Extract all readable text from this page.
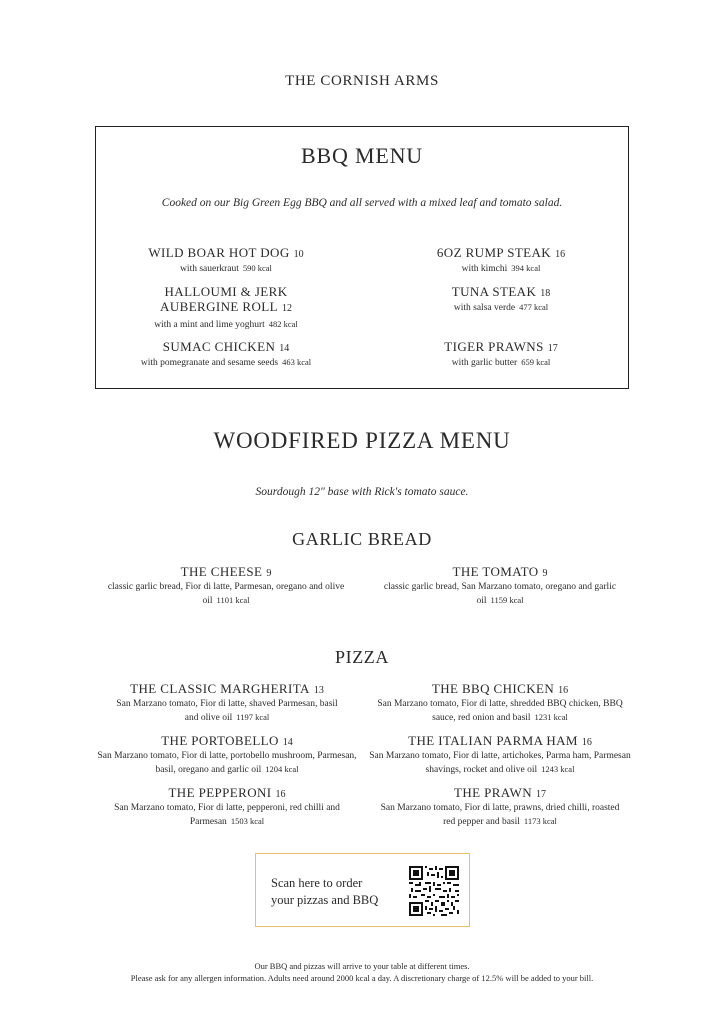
THE CORNISH ARMS
BBQ MENU
Cooked on our Big Green Egg BBQ and all served with a mixed leaf and tomato salad.
WILD BOAR HOT DOG 10
with sauerkraut 590 kcal
HALLOUMI & JERK AUBERGINE ROLL 12
with a mint and lime yoghurt 482 kcal
SUMAC CHICKEN 14
with pomegranate and sesame seeds 463 kcal
6OZ RUMP STEAK 16
with kimchi 394 kcal
TUNA STEAK 18
with salsa verde 477 kcal
TIGER PRAWNS 17
with garlic butter 659 kcal
WOODFIRED PIZZA MENU
Sourdough 12" base with Rick's tomato sauce.
GARLIC BREAD
THE CHEESE 9
classic garlic bread, Fior di latte, Parmesan, oregano and olive oil 1101 kcal
THE TOMATO 9
classic garlic bread, San Marzano tomato, oregano and garlic oil 1159 kcal
PIZZA
THE CLASSIC MARGHERITA 13
San Marzano tomato, Fior di latte, shaved Parmesan, basil and olive oil 1197 kcal
THE PORTOBELLO 14
San Marzano tomato, Fior di latte, portobello mushroom, Parmesan, basil, oregano and garlic oil 1204 kcal
THE PEPPERONI 16
San Marzano tomato, Fior di latte, pepperoni, red chilli and Parmesan 1503 kcal
THE BBQ CHICKEN 16
San Marzano tomato, Fior di latte, shredded BBQ chicken, BBQ sauce, red onion and basil 1231 kcal
THE ITALIAN PARMA HAM 16
San Marzano tomato, Fior di latte, artichokes, Parma ham, Parmesan shavings, rocket and olive oil 1243 kcal
THE PRAWN 17
San Marzano tomato, Fior di latte, prawns, dried chilli, roasted red pepper and basil 1173 kcal
Scan here to order
your pizzas and BBQ
Our BBQ and pizzas will arrive to your table at different times.
Please ask for any allergen information. Adults need around 2000 kcal a day. A discretionary charge of 12.5% will be added to your bill.
